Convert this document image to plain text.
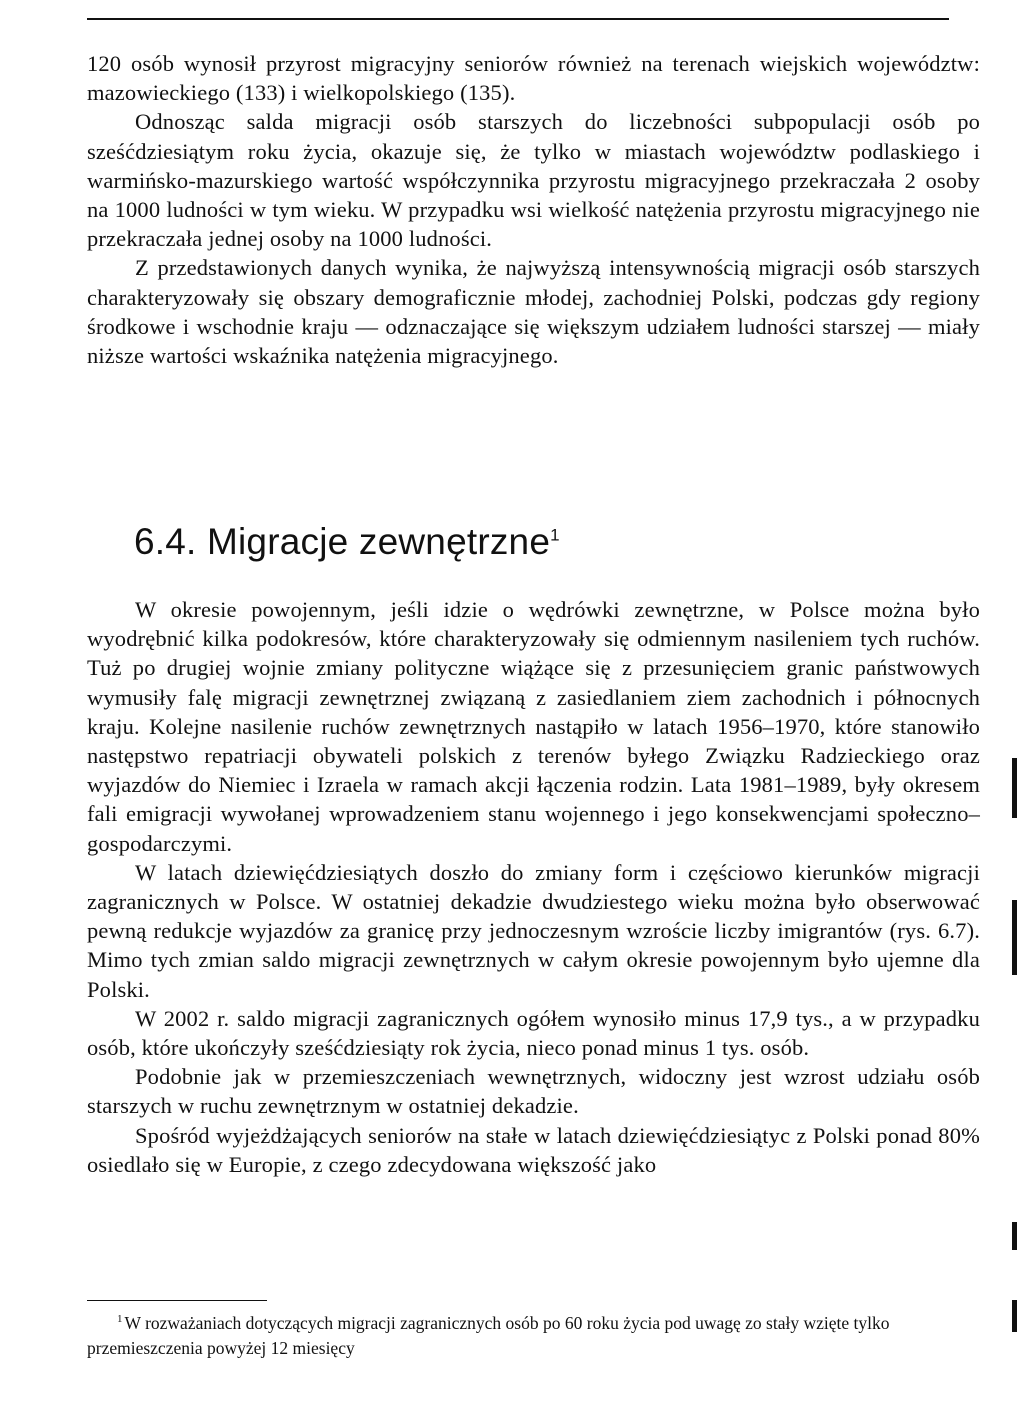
120 osób wynosił przyrost migracyjny seniorów również na terenach wiejskich województw: mazowieckiego (133) i wielkopolskiego (135).

Odnosząc salda migracji osób starszych do liczebności subpopulacji osób po sześćdziesiątym roku życia, okazuje się, że tylko w miastach województw podlaskiego i warmińsko-mazurskiego wartość współczynnika przyrostu migracyjnego przekraczała 2 osoby na 1000 ludności w tym wieku. W przypadku wsi wielkość natężenia przyrostu migracyjnego nie przekraczała jednej osoby na 1000 ludności.

Z przedstawionych danych wynika, że najwyższą intensywnością migracji osób starszych charakteryzowały się obszary demograficznie młodej, zachodniej Polski, podczas gdy regiony środkowe i wschodnie kraju — odznaczające się większym udziałem ludności starszej — miały niższe wartości wskaźnika natężenia migracyjnego.

6.4. Migracje zewnętrzne$^1$

W okresie powojennym, jeśli idzie o wędrówki zewnętrzne, w Polsce można było wyodrębnić kilka podokresów, które charakteryzowały się odmiennym nasileniem tych ruchów. Tuż po drugiej wojnie zmiany polityczne wiążące się z przesunięciem granic państwowych wymusiły falę migracji zewnętrznej związaną z zasiedlaniem ziem zachodnich i północnych kraju. Kolejne nasilenie ruchów zewnętrznych nastąpiło w latach 1956–1970, które stanowiło następstwo repatriacji obywateli polskich z terenów byłego Związku Radzieckiego oraz wyjazdów do Niemiec i Izraela w ramach akcji łączenia rodzin. Lata 1981–1989, były okresem fali emigracji wywołanej wprowadzeniem stanu wojennego i jego konsekwencjami społeczno–gospodarczymi.

W latach dziewięćdziesiątych doszło do zmiany form i częściowo kierunków migracji zagranicznych w Polsce. W ostatniej dekadzie dwudziestego wieku można było obserwować pewną redukcje wyjazdów za granicę przy jednoczesnym wzroście liczby imigrantów (rys. 6.7). Mimo tych zmian saldo migracji zewnętrznych w całym okresie powojennym było ujemne dla Polski.

W 2002 r. saldo migracji zagranicznych ogółem wynosiło minus 17,9 tys., a w przypadku osób, które ukończyły sześćdziesiąty rok życia, nieco ponad minus 1 tys. osób.

Podobnie jak w przemieszczeniach wewnętrznych, widoczny jest wzrost udziału osób starszych w ruchu zewnętrznym w ostatniej dekadzie.

Spośród wyjeżdżających seniorów na stałe w latach dziewięćdziesiątyc z Polski ponad 80% osiedlało się w Europie, z czego zdecydowana większość jako

$^1$ W rozważaniach dotyczących migracji zagranicznych osób po 60 roku życia pod uwagę zo stały wzięte tylko przemieszczenia powyżej 12 miesięcy
